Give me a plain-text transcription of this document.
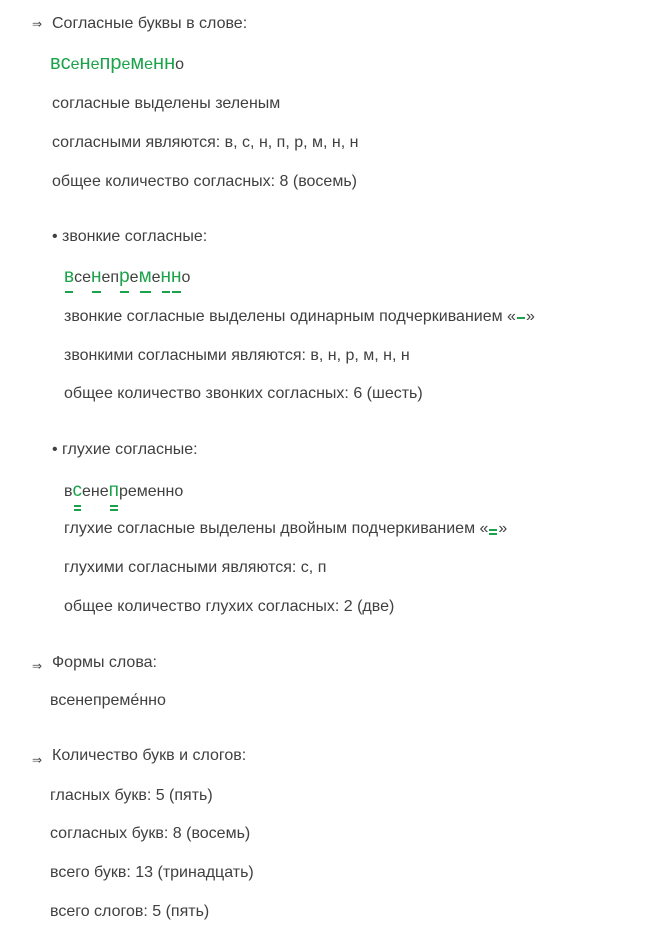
⇒ Согласные буквы в слове:
всенепременно
согласные выделены зеленым
согласными являются: в, с, н, п, р, м, н, н
общее количество согласных: 8 (восемь)
• звонкие согласные:
всенепременно
звонкие согласные выделены одинарным подчеркиванием « »
звонкими согласными являются: в, н, р, м, н, н
общее количество звонких согласных: 6 (шесть)
• глухие согласные:
всенепременно
глухие согласные выделены двойным подчеркиванием « »
глухими согласными являются: с, п
общее количество глухих согласных: 2 (две)
⇒ Формы слова:
всенепреме́нно
⇒ Количество букв и слогов:
гласных букв: 5 (пять)
согласных букв: 8 (восемь)
всего букв: 13 (тринадцать)
всего слогов: 5 (пять)
